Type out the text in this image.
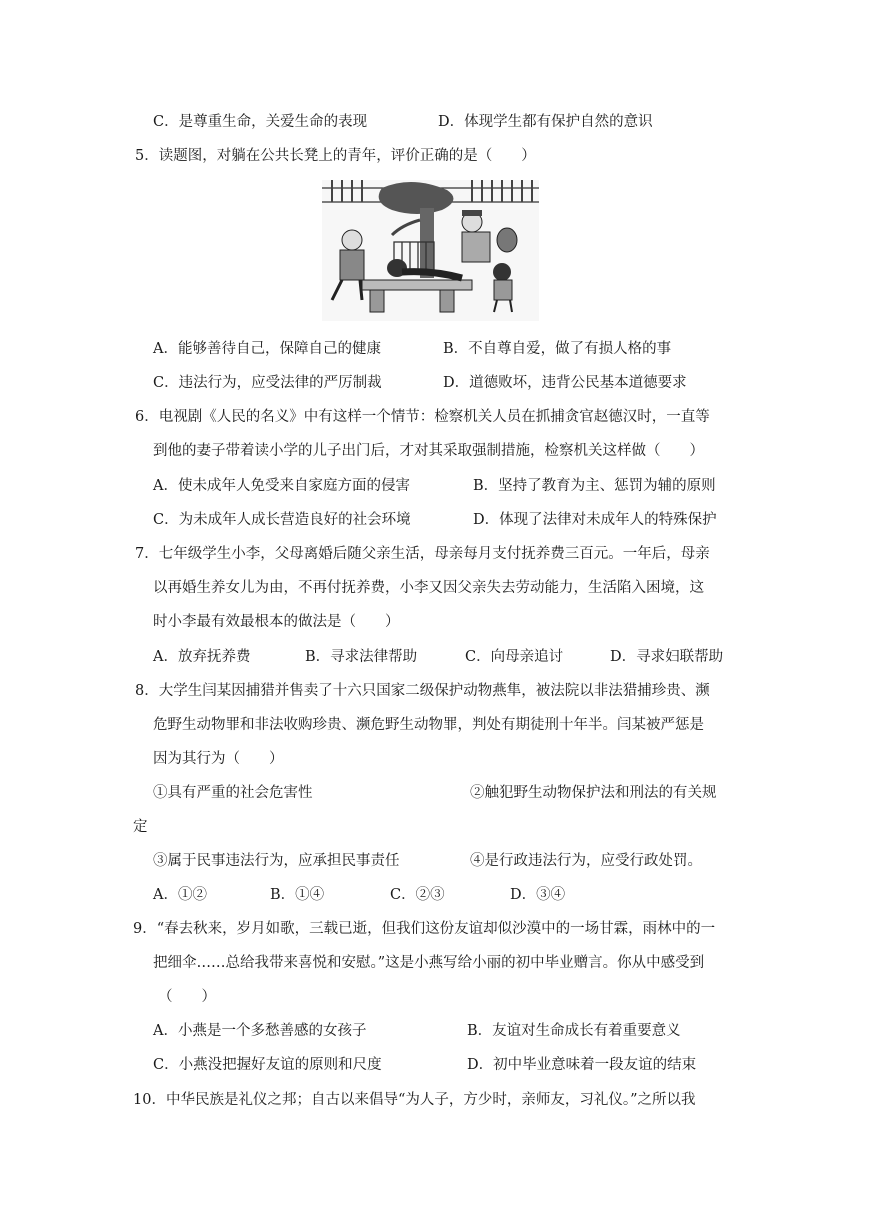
C．是尊重生命，关爱生命的表现	D．体现学生都有保护自然的意识
5．读题图，对躺在公共长凳上的青年，评价正确的是（　　）
A．能够善待自己，保障自己的健康	B．不自尊自爱，做了有损人格的事
C．违法行为，应受法律的严厉制裁	D．道德败坏，违背公民基本道德要求
6．电视剧《人民的名义》中有这样一个情节：检察机关人员在抓捕贪官赵德汉时，一直等
到他的妻子带着读小学的儿子出门后，才对其采取强制措施，检察机关这样做（　　）
A．使未成年人免受来自家庭方面的侵害	B．坚持了教育为主、惩罚为辅的原则
C．为未成年人成长营造良好的社会环境	D．体现了法律对未成年人的特殊保护
7．七年级学生小李，父母离婚后随父亲生活，母亲每月支付抚养费三百元。一年后，母亲
以再婚生养女儿为由，不再付抚养费，小李又因父亲失去劳动能力，生活陷入困境，这
时小李最有效最根本的做法是（　　）
A．放弃抚养费	B．寻求法律帮助	C．向母亲追讨	D．寻求妇联帮助
8．大学生闫某因捕猎并售卖了十六只国家二级保护动物燕隼，被法院以非法猎捕珍贵、濒
危野生动物罪和非法收购珍贵、濒危野生动物罪，判处有期徒刑十年半。闫某被严惩是
因为其行为（　　）
①具有严重的社会危害性	②触犯野生动物保护法和刑法的有关规
定
③属于民事违法行为，应承担民事责任	④是行政违法行为，应受行政处罚。
A．①②	B．①④	C．②③	D．③④
9．“春去秋来，岁月如歌，三载已逝，但我们这份友谊却似沙漠中的一场甘霖，雨林中的一
把细伞……总给我带来喜悦和安慰。”这是小燕写给小丽的初中毕业赠言。你从中感受到
（　　）
A．小燕是一个多愁善感的女孩子	B．友谊对生命成长有着重要意义
C．小燕没把握好友谊的原则和尺度	D．初中毕业意味着一段友谊的结束
10．中华民族是礼仪之邦；自古以来倡导“为人子，方少时，亲师友，习礼仪。”之所以我
